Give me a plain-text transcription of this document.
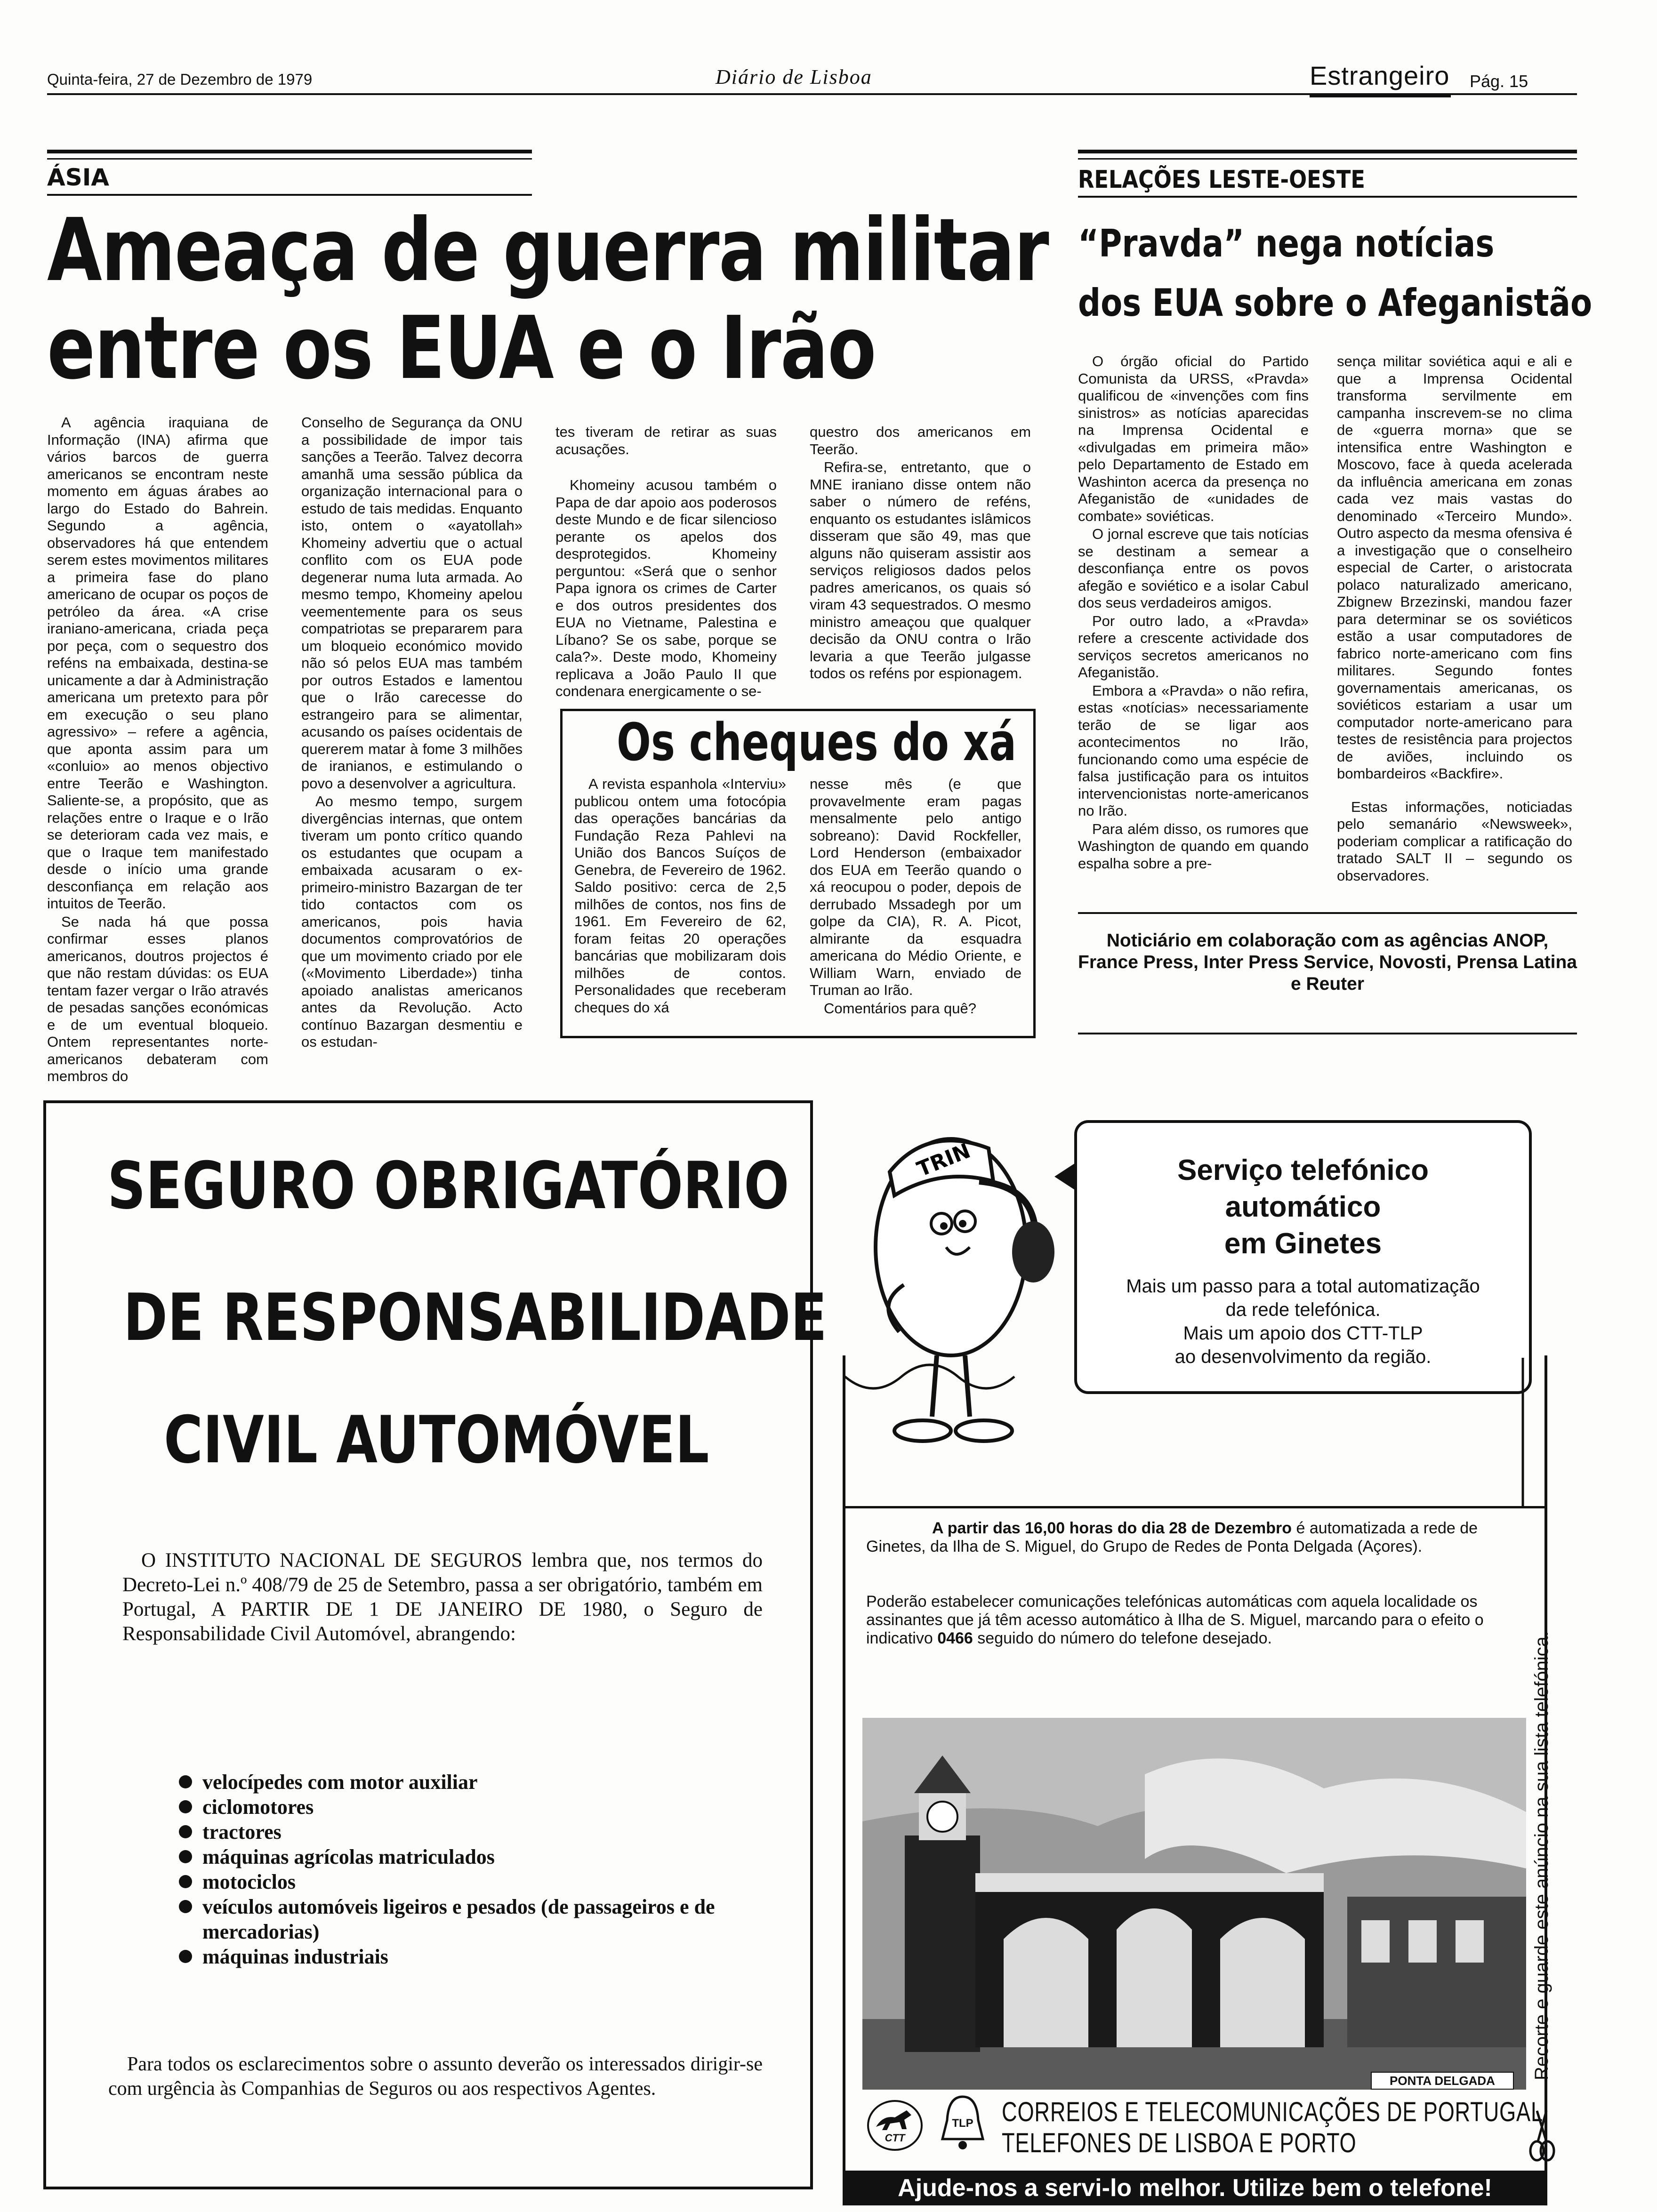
Quinta-feira, 27 de Dezembro de 1979	Diário de Lisboa	Estrangeiro Pág. 15
ÁSIA
Ameaça de guerra militar
entre os EUA e o Irão

A agência iraquiana de Informação (INA) afirma que vários barcos de guerra americanos se encontram neste momento em águas árabes ao largo do Estado do Bahrein. Segundo a agência, observadores há que entendem serem estes movimentos militares a primeira fase do plano americano de ocupar os poços de petróleo da área. «A crise iraniano-americana, criada peça por peça, com o sequestro dos reféns na embaixada, destina-se unicamente a dar à Administração americana um pretexto para pôr em execução o seu plano agressivo» – refere a agência, que aponta assim para um «conluio» ao menos objectivo entre Teerão e Washington. Saliente-se, a propósito, que as relações entre o Iraque e o Irão se deterioram cada vez mais, e que o Iraque tem manifestado desde o início uma grande desconfiança em relação aos intuitos de Teerão.

Se nada há que possa confirmar esses planos americanos, doutros projectos é que não restam dúvidas: os EUA tentam fazer vergar o Irão através de pesadas sanções económicas e de um eventual bloqueio. Ontem representantes norte-americanos debateram com membros do

Conselho de Segurança da ONU a possibilidade de impor tais sanções a Teerão. Talvez decorra amanhã uma sessão pública da organização internacional para o estudo de tais medidas. Enquanto isto, ontem o «ayatollah» Khomeiny advertiu que o actual conflito com os EUA pode degenerar numa luta armada. Ao mesmo tempo, Khomeiny apelou veementemente para os seus compatriotas se prepararem para um bloqueio económico movido não só pelos EUA mas também por outros Estados e lamentou que o Irão carecesse do estrangeiro para se alimentar, acusando os países ocidentais de quererem matar à fome 3 milhões de iranianos, e estimulando o povo a desenvolver a agricultura.

Ao mesmo tempo, surgem divergências internas, que ontem tiveram um ponto crítico quando os estudantes que ocupam a embaixada acusaram o ex-primeiro-ministro Bazargan de ter tido contactos com os americanos, pois havia documentos comprovatórios de que um movimento criado por ele («Movimento Liberdade») tinha apoiado analistas americanos antes da Revolução. Acto contínuo Bazargan desmentiu e os estudan-

tes tiveram de retirar as suas acusações.

Khomeiny acusou também o Papa de dar apoio aos poderosos deste Mundo e de ficar silencioso perante os apelos dos desprotegidos. Khomeiny perguntou: «Será que o senhor Papa ignora os crimes de Carter e dos outros presidentes dos EUA no Vietname, Palestina e Líbano? Se os sabe, porque se cala?». Deste modo, Khomeiny replicava a João Paulo II que condenara energicamente o se-

questro dos americanos em Teerão.

Refira-se, entretanto, que o MNE iraniano disse ontem não saber o número de reféns, enquanto os estudantes islâmicos disseram que são 49, mas que alguns não quiseram assistir aos serviços religiosos dados pelos padres americanos, os quais só viram 43 sequestrados. O mesmo ministro ameaçou que qualquer decisão da ONU contra o Irão levaria a que Teerão julgasse todos os reféns por espionagem.

Os cheques do xá

A revista espanhola «Interviu» publicou ontem uma fotocópia das operações bancárias da Fundação Reza Pahlevi na União dos Bancos Suíços de Genebra, de Fevereiro de 1962. Saldo positivo: cerca de 2,5 milhões de contos, nos fins de 1961. Em Fevereiro de 62, foram feitas 20 operações bancárias que mobilizaram dois milhões de contos. Personalidades que receberam cheques do xá

nesse mês (e que provavelmente eram pagas mensalmente pelo antigo sobreano): David Rockfeller, Lord Henderson (embaixador dos EUA em Teerão quando o xá reocupou o poder, depois de derrubado Mssadegh por um golpe da CIA), R. A. Picot, almirante da esquadra americana do Médio Oriente, e William Warn, enviado de Truman ao Irão.

Comentários para quê?

RELAÇÕES LESTE-OESTE
“Pravda” nega notícias
dos EUA sobre o Afeganistão

O órgão oficial do Partido Comunista da URSS, «Pravda» qualificou de «invenções com fins sinistros» as notícias aparecidas na Imprensa Ocidental e «divulgadas em primeira mão» pelo Departamento de Estado em Washinton acerca da presença no Afeganistão de «unidades de combate» soviéticas.

O jornal escreve que tais notícias se destinam a semear a desconfiança entre os povos afegão e soviético e a isolar Cabul dos seus verdadeiros amigos.

Por outro lado, a «Pravda» refere a crescente actividade dos serviços secretos americanos no Afeganistão.

Embora a «Pravda» o não refira, estas «notícias» necessariamente terão de se ligar aos acontecimentos no Irão, funcionando como uma espécie de falsa justificação para os intuitos intervencionistas norte-americanos no Irão.

Para além disso, os rumores que Washington de quando em quando espalha sobre a pre-

sença militar soviética aqui e ali e que a Imprensa Ocidental transforma servilmente em campanha inscrevem-se no clima de «guerra morna» que se intensifica entre Washington e Moscovo, face à queda acelerada da influência americana em zonas cada vez mais vastas do denominado «Terceiro Mundo». Outro aspecto da mesma ofensiva é a investigação que o conselheiro especial de Carter, o aristocrata polaco naturalizado americano, Zbignew Brzezinski, mandou fazer para determinar se os soviéticos estão a usar computadores de fabrico norte-americano com fins militares. Segundo fontes governamentais americanas, os soviéticos estariam a usar um computador norte-americano para testes de resistência para projectos de aviões, incluindo os bombardeiros «Backfire».

Estas informações, noticiadas pelo semanário «Newsweek», poderiam complicar a ratificação do tratado SALT II – segundo os observadores.

Noticiário em colaboração com as agências ANOP, France Press, Inter Press Service, Novosti, Prensa Latina e Reuter
SEGURO OBRIGATÓRIO
DE RESPONSABILIDADE
CIVIL AUTOMÓVEL
O INSTITUTO NACIONAL DE SEGUROS lembra que, nos termos do Decreto-Lei n.º 408/79 de 25 de Setembro, passa a ser obrigatório, também em Portugal, A PARTIR DE 1 DE JANEIRO DE 1980, o Seguro de Responsabilidade Civil Automóvel, abrangendo:
velocípedes com motor auxiliar
ciclomotores
tractores
máquinas agrícolas matriculados
motociclos
veículos automóveis ligeiros e pesados (de passageiros e de mercadorias)
máquinas industriais
Para todos os esclarecimentos sobre o assunto deverão os interessados dirigir-se com urgência às Companhias de Seguros ou aos respectivos Agentes.
TRIN	Serviço telefónico
automático
em Ginetes
Mais um passo para a total automatização
da rede telefónica.
Mais um apoio dos CTT-TLP
ao desenvolvimento da região.
A partir das 16,00 horas do dia 28 de Dezembro é automatizada a rede de Ginetes, da Ilha de S. Miguel, do Grupo de Redes de Ponta Delgada (Açores).
Poderão estabelecer comunicações telefónicas automáticas com aquela localidade os assinantes que já têm acesso automático à Ilha de S. Miguel, marcando para o efeito o indicativo 0466 seguido do número do telefone desejado.
PONTA DELGADA
Recorte e guarde este anúncio na sua lista telefónica.
CTT
TLP	CORREIOS E TELECOMUNICAÇÕES DE PORTUGAL
TELEFONES DE LISBOA E PORTO
Ajude-nos a servi-lo melhor. Utilize bem o telefone!
